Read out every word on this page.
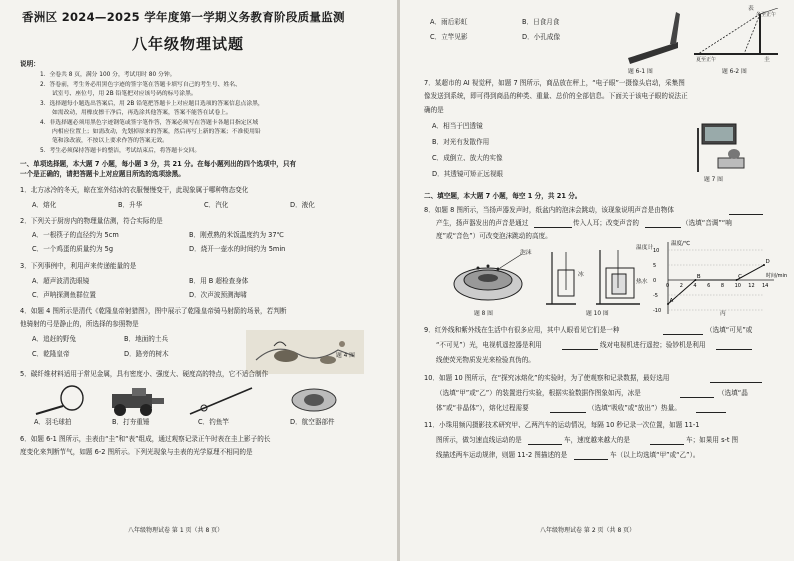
香洲区 2024—2025 学年度第一学期义务教育阶段质量监测
八年级物理试题
说明：
1．全卷共 8 页，满分 100 分，考试用时 80 分钟。
2．答卷前，考生务必用黑色字迹的签字笔在答题卡填写自己的考生号、姓名、
试室号、座位号，用 2B 铅笔把对应该号码的标号涂黑。
3．选择题每小题选出答案后，用 2B 铅笔把答题卡上对应题目选项的答案信息点涂黑，
如需改动，用橡皮擦干净后，再选涂其他答案，答案不能答在试卷上。
4．非选择题必须用黑色字迹钢笔或签字笔作答，答案必须写在答题卡各题目指定区域
内相应位置上；如需改动，先划掉原来的答案，然后再写上新的答案；不准使用铅
笔和涂改液，不按以上要求作答的答案无效。
5．考生必须保持答题卡的整洁，考试结束后，将答题卡交回。
一、单项选择题，本大题 7 小题，每小题 3 分，共 21 分。在每小题列出的四个选项中，只有
一个是正确的，请把答题卡上对应题目所选的选项涂黑。
1．北方冰冷的冬天，晾在室外结冰的衣服慢慢变干，此现象属于哪种物态变化
A．熔化	B．升华	C．汽化	D．液化
2．下列关于厨房内的物理量估测，符合实际的是
A．一根筷子的直径约为 5cm	B．刚煮熟的米饭温度约为 37℃
C．一个鸡蛋的质量约为 5g	D．烧开一壶水的时间约为 5min
3．下列事例中，利用声来传递能量的是
A．超声波清洗眼镜	B．用 B 超检查身体
C．声呐探测鱼群位置	D．次声波预测海啸
4．如题 4 图所示是清代《乾隆皇帝射猎图》，图中展示了乾隆皇帝骑马射箭的场景，若判断
他骑射的弓是静止的，所选择的参照物是
A．追赶的野兔	B．地面的土兵
C．乾隆皇帝	D．路旁的树木	题 4 图
5．碳纤维材料适用于常见金属，具有密度小、强度大、硬度高的特点，它不适合制作
A．羽毛球拍	B．打夯重锤	C．钓鱼竿	D．航空器部件
6．如题 6-1 图所示，圭表由“圭”和“表”组成，通过观察记录正午时表在圭上影子的长
度变化来判断节气，如题 6-2 图所示。下列光现象与圭表的光学原理不相同的是
八年级物理试卷 第 1 页（共 8 页）
A．雨后彩虹	B．日食月食
C．立竿见影	D．小孔成像
题 6-1 图
表
圭
冬至正午
夏至正午
题 6-2 图
7．某超市的 AI 视觉秤，如题 7 图所示，商品放在秤上，“电子眼”一摄像头启动，采集图
像发送到系统，即可得到商品的种类、重量、总价的全部信息。下面关于该电子眼的说法正
确的是
A．相当于凹透镜
B．对光有发散作用
C．成倒立、放大的实像
D．其透镜可矫正远视眼
题 7 图
二、填空题，本大题 7 小题，每空 1 分，共 21 分。
8．如题 8 图所示，当扬声器发声时，纸盆内的泡沫会跳动，该现象说明声音是由物体
产生，扬声器发出的声音是通过	传入人耳；改变声音的	（选填“音调”“响
度”或“音色”）可改变泡沫跳动的高度。
泡沫
题 8 图
温度计
冰
热水
题 10 图
温度/℃
时间/min
0 2 4 6 8 10 12 14
10
5
0
-5
-10
A
B	C
D
丙
9．红外线和紫外线在生活中有很多应用，其中人眼看见它们是一种	（选填“可见”或
“不可见”）光，电视机遥控器是利用	线对电视机进行遥控；验钞机是利用
线使荧光物质发光来检验真伪的。
10．如题 10 图所示，在“探究冰熔化”的实验时，为了使观察和记录数据，最好选用
（选填“甲”或“乙”）的装置进行实验，根据实验数据作图象如丙，冰是	（选填“晶
体”或“非晶体”），熔化过程需要	（选填“吸收”或“放出”）热量。
11．小珠用频闪摄影技术研究甲、乙两汽车的运动情况，每隔 10 秒记录一次位置，如题 11-1
图所示，做匀速直线运动的是	车，速度越来越大的是	车；如果用 s-t 图
线描述两车运动规律，则题 11-2 图描述的是	车（以上均选填“甲”或“乙”）。
八年级物理试卷 第 2 页（共 8 页）
